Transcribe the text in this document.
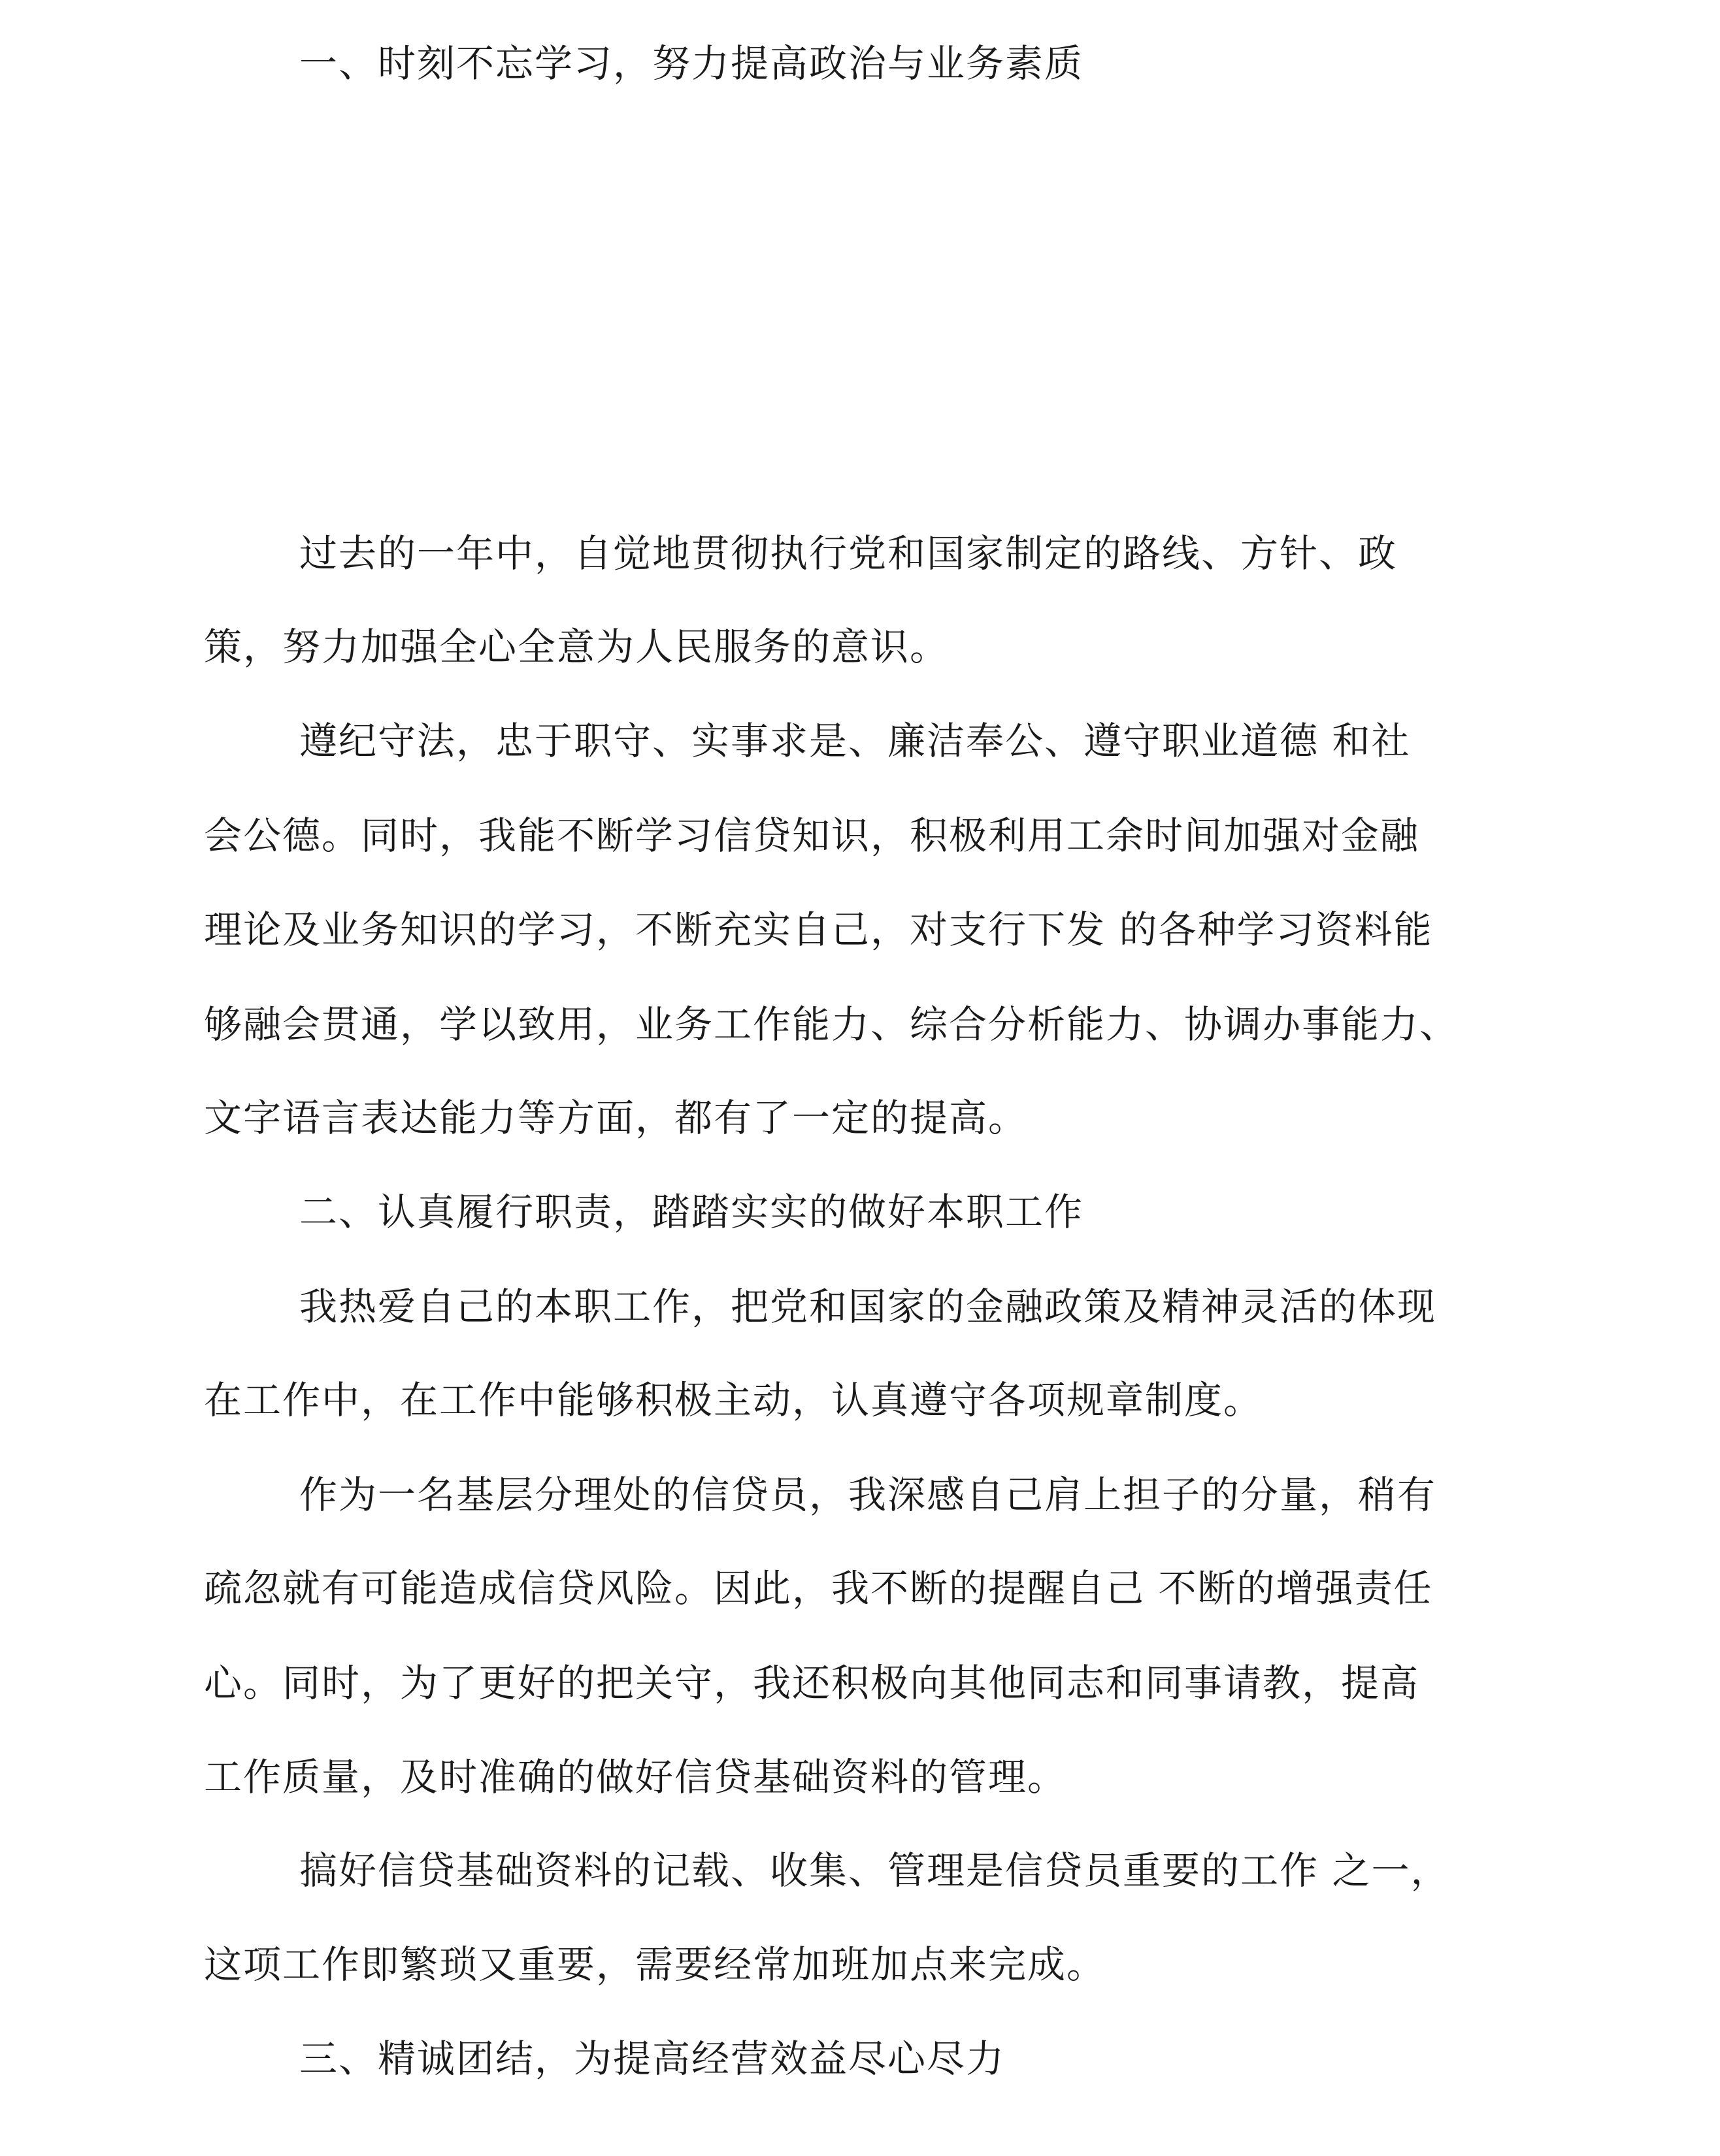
一、时刻不忘学习，努力提高政治与业务素质
过去的一年中，自觉地贯彻执行党和国家制定的路线、方针、政
策，努力加强全心全意为人民服务的意识。
遵纪守法，忠于职守、实事求是、廉洁奉公、遵守职业道德 和社
会公德。同时，我能不断学习信贷知识，积极利用工余时间加强对金融
理论及业务知识的学习，不断充实自己，对支行下发 的各种学习资料能
够融会贯通，学以致用，业务工作能力、综合分析能力、协调办事能力、
文字语言表达能力等方面，都有了一定的提高。
二、认真履行职责，踏踏实实的做好本职工作
我热爱自己的本职工作，把党和国家的金融政策及精神灵活的体现
在工作中，在工作中能够积极主动，认真遵守各项规章制度。
作为一名基层分理处的信贷员，我深感自己肩上担子的分量，稍有
疏忽就有可能造成信贷风险。因此，我不断的提醒自己 不断的增强责任
心。同时，为了更好的把关守，我还积极向其他同志和同事请教，提高
工作质量，及时准确的做好信贷基础资料的管理。
搞好信贷基础资料的记载、收集、管理是信贷员重要的工作 之一，
这项工作即繁琐又重要，需要经常加班加点来完成。
三、精诚团结，为提高经营效益尽心尽力
